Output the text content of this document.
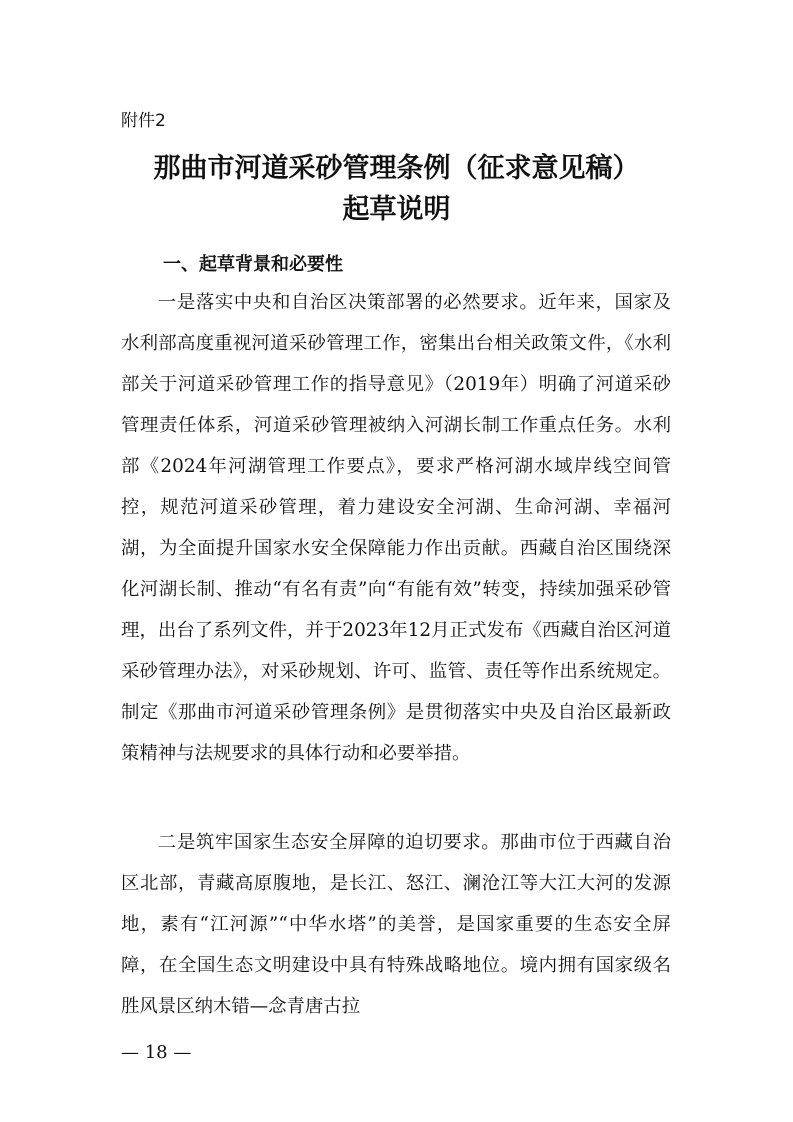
附件2
那曲市河道采砂管理条例（征求意见稿）
起草说明
一、起草背景和必要性

一是落实中央和自治区决策部署的必然要求。近年来，国家及水利部高度重视河道采砂管理工作，密集出台相关政策文件，《水利部关于河道采砂管理工作的指导意见》（2019年）明确了河道采砂管理责任体系，河道采砂管理被纳入河湖长制工作重点任务。水利部《2024年河湖管理工作要点》，要求严格河湖水域岸线空间管控，规范河道采砂管理，着力建设安全河湖、生命河湖、幸福河湖，为全面提升国家水安全保障能力作出贡献。西藏自治区围绕深化河湖长制、推动“有名有责”向“有能有效”转变，持续加强采砂管理，出台了系列文件，并于2023年12月正式发布《西藏自治区河道采砂管理办法》，对采砂规划、许可、监管、责任等作出系统规定。制定《那曲市河道采砂管理条例》是贯彻落实中央及自治区最新政策精神与法规要求的具体行动和必要举措。

二是筑牢国家生态安全屏障的迫切要求。那曲市位于西藏自治区北部，青藏高原腹地，是长江、怒江、澜沧江等大江大河的发源地，素有“江河源”“中华水塔”的美誉，是国家重要的生态安全屏障，在全国生态文明建设中具有特殊战略地位。境内拥有国家级名胜风景区纳木错—念青唐古拉

— 18 —
